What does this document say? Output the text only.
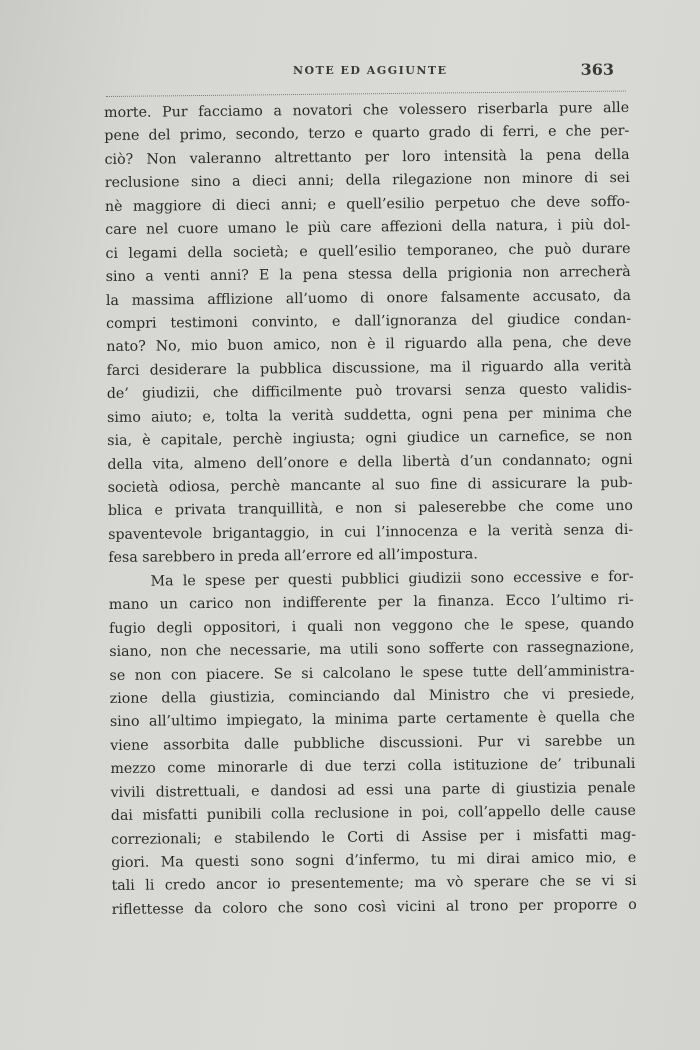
NOTE ED AGGIUNTE	363
morte. Pur facciamo a novatori che volessero riserbarla pure alle
pene del primo, secondo, terzo e quarto grado di ferri, e che per-
ciò? Non valeranno altrettanto per loro intensità la pena della
reclusione sino a dieci anni; della rilegazione non minore di sei
nè maggiore di dieci anni; e quell’esilio perpetuo che deve soffo-
care nel cuore umano le più care affezioni della natura, i più dol-
ci legami della società; e quell’esilio temporaneo, che può durare
sino a venti anni? E la pena stessa della prigionia non arrecherà
la massima afflizione all’uomo di onore falsamente accusato, da
compri testimoni convinto, e dall’ignoranza del giudice condan-
nato? No, mio buon amico, non è il riguardo alla pena, che deve
farci desiderare la pubblica discussione, ma il riguardo alla verità
de’ giudizii, che difficilmente può trovarsi senza questo validis-
simo aiuto; e, tolta la verità suddetta, ogni pena per minima che
sia, è capitale, perchè ingiusta; ogni giudice un carnefice, se non
della vita, almeno dell’onore e della libertà d’un condannato; ogni
società odiosa, perchè mancante al suo fine di assicurare la pub-
blica e privata tranquillità, e non si paleserebbe che come uno
spaventevole brigantaggio, in cui l’innocenza e la verità senza di-
fesa sarebbero in preda all’errore ed all’impostura.
Ma le spese per questi pubblici giudizii sono eccessive e for-
mano un carico non indifferente per la finanza. Ecco l’ultimo ri-
fugio degli oppositori, i quali non veggono che le spese, quando
siano, non che necessarie, ma utili sono sofferte con rassegnazione,
se non con piacere. Se si calcolano le spese tutte dell’amministra-
zione della giustizia, cominciando dal Ministro che vi presiede,
sino all’ultimo impiegato, la minima parte certamente è quella che
viene assorbita dalle pubbliche discussioni. Pur vi sarebbe un
mezzo come minorarle di due terzi colla istituzione de’ tribunali
vivili distrettuali, e dandosi ad essi una parte di giustizia penale
dai misfatti punibili colla reclusione in poi, coll’appello delle cause
correzionali; e stabilendo le Corti di Assise per i misfatti mag-
giori. Ma questi sono sogni d’infermo, tu mi dirai amico mio, e
tali li credo ancor io presentemente; ma vò sperare che se vi si
riflettesse da coloro che sono così vicini al trono per proporre o
